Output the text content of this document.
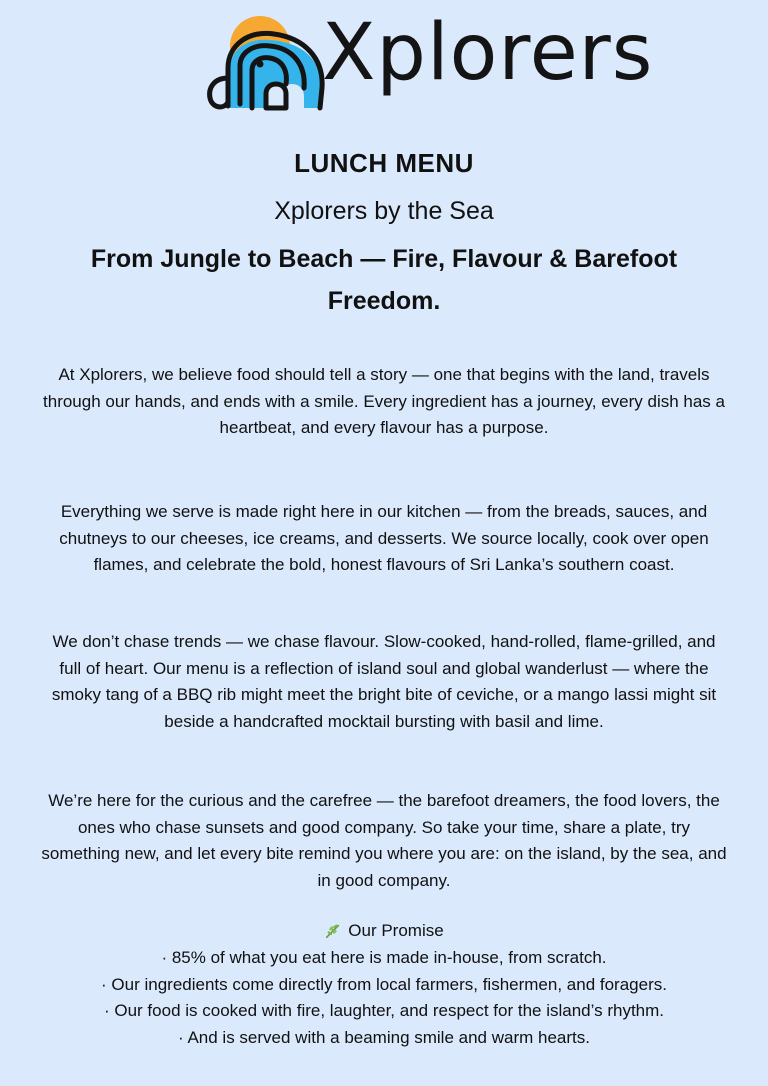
Xplorers
LUNCH MENU
Xplorers by the Sea
From Jungle to Beach — Fire, Flavour & Barefoot Freedom.

At Xplorers, we believe food should tell a story — one that begins with the land, travels through our hands, and ends with a smile. Every ingredient has a journey, every dish has a heartbeat, and every flavour has a purpose.

Everything we serve is made right here in our kitchen — from the breads, sauces, and chutneys to our cheeses, ice creams, and desserts. We source locally, cook over open flames, and celebrate the bold, honest flavours of Sri Lanka’s southern coast.

We don’t chase trends — we chase flavour. Slow-cooked, hand-rolled, flame-grilled, and full of heart. Our menu is a reflection of island soul and global wanderlust — where the smoky tang of a BBQ rib might meet the bright bite of ceviche, or a mango lassi might sit beside a handcrafted mocktail bursting with basil and lime.

We’re here for the curious and the carefree — the barefoot dreamers, the food lovers, the ones who chase sunsets and good company. So take your time, share a plate, try something new, and let every bite remind you where you are: on the island, by the sea, and in good company.

Our Promise
· 85% of what you eat here is made in-house, from scratch.
· Our ingredients come directly from local farmers, fishermen, and foragers.
· Our food is cooked with fire, laughter, and respect for the island’s rhythm.
· And is served with a beaming smile and warm hearts.
